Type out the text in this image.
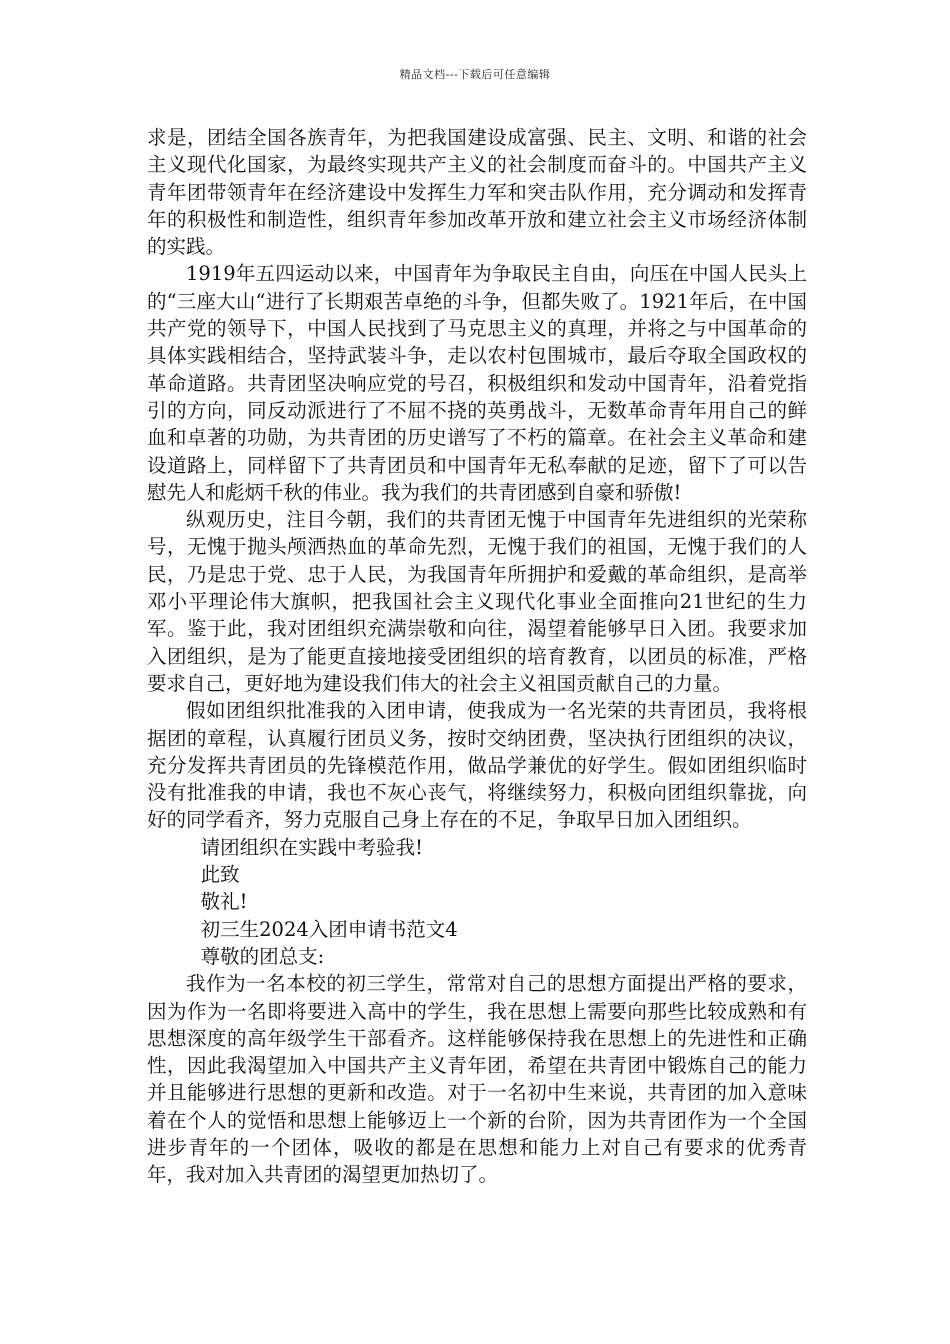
精品文档---下载后可任意编辑

求是，团结全国各族青年，为把我国建设成富强、民主、文明、和谐的社会主义现代化国家，为最终实现共产主义的社会制度而奋斗的。中国共产主义青年团带领青年在经济建设中发挥生力军和突击队作用，充分调动和发挥青年的积极性和制造性，组织青年参加改革开放和建立社会主义市场经济体制的实践。

1919年五四运动以来，中国青年为争取民主自由，向压在中国人民头上的“三座大山“进行了长期艰苦卓绝的斗争，但都失败了。1921年后，在中国共产党的领导下，中国人民找到了马克思主义的真理，并将之与中国革命的具体实践相结合，坚持武装斗争，走以农村包围城市，最后夺取全国政权的革命道路。共青团坚决响应党的号召，积极组织和发动中国青年，沿着党指引的方向，同反动派进行了不屈不挠的英勇战斗，无数革命青年用自己的鲜血和卓著的功勋，为共青团的历史谱写了不朽的篇章。在社会主义革命和建设道路上，同样留下了共青团员和中国青年无私奉献的足迹，留下了可以告慰先人和彪炳千秋的伟业。我为我们的共青团感到自豪和骄傲!

纵观历史，注目今朝，我们的共青团无愧于中国青年先进组织的光荣称号，无愧于抛头颅洒热血的革命先烈，无愧于我们的祖国，无愧于我们的人民，乃是忠于党、忠于人民，为我国青年所拥护和爱戴的革命组织，是高举邓小平理论伟大旗帜，把我国社会主义现代化事业全面推向21世纪的生力军。鉴于此，我对团组织充满崇敬和向往，渴望着能够早日入团。我要求加入团组织，是为了能更直接地接受团组织的培育教育，以团员的标准，严格要求自己，更好地为建设我们伟大的社会主义祖国贡献自己的力量。

假如团组织批准我的入团申请，使我成为一名光荣的共青团员，我将根据团的章程，认真履行团员义务，按时交纳团费，坚决执行团组织的决议，充分发挥共青团员的先锋模范作用，做品学兼优的好学生。假如团组织临时没有批准我的申请，我也不灰心丧气，将继续努力，积极向团组织靠拢，向好的同学看齐，努力克服自己身上存在的不足，争取早日加入团组织。

请团组织在实践中考验我!

此致

敬礼!

初三生2024入团申请书范文4

尊敬的团总支:

我作为一名本校的初三学生，常常对自己的思想方面提出严格的要求，因为作为一名即将要进入高中的学生，我在思想上需要向那些比较成熟和有思想深度的高年级学生干部看齐。这样能够保持我在思想上的先进性和正确性，因此我渴望加入中国共产主义青年团，希望在共青团中锻炼自己的能力并且能够进行思想的更新和改造。对于一名初中生来说，共青团的加入意味着在个人的觉悟和思想上能够迈上一个新的台阶，因为共青团作为一个全国进步青年的一个团体，吸收的都是在思想和能力上对自己有要求的优秀青年，我对加入共青团的渴望更加热切了。
